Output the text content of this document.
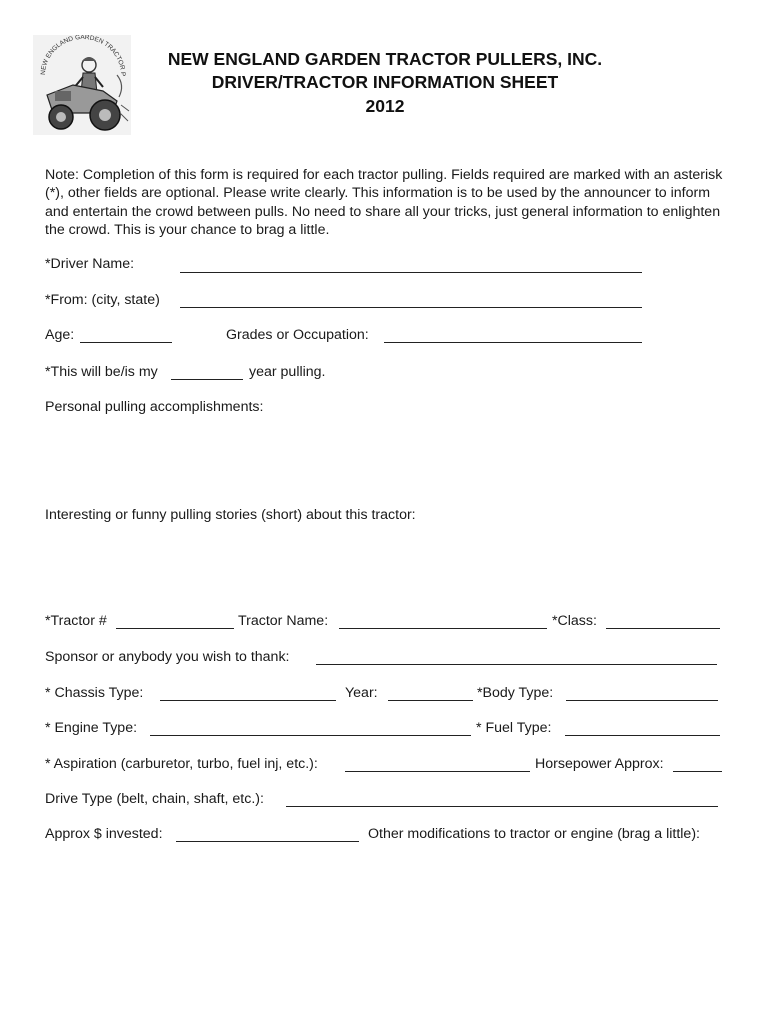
NEW ENGLAND GARDEN TRACTOR P
NEW ENGLAND GARDEN TRACTOR PULLERS, INC.
DRIVER/TRACTOR INFORMATION SHEET
2012
Note: Completion of this form is required for each tractor pulling. Fields required are marked with an asterisk (*), other fields are optional. Please write clearly. This information is to be used by the announcer to inform and entertain the crowd between pulls. No need to share all your tricks, just general information to enlighten the crowd. This is your chance to brag a little.
*Driver Name:
*From: (city, state)
Age:	Grades or Occupation:
*This will be/is my	year pulling.
Personal pulling accomplishments:
Interesting or funny pulling stories (short) about this tractor:
*Tractor #	Tractor Name:	*Class:
Sponsor or anybody you wish to thank:
* Chassis Type:	Year:	*Body Type:
* Engine Type:	* Fuel Type:
* Aspiration (carburetor, turbo, fuel inj, etc.):	Horsepower Approx:
Drive Type (belt, chain, shaft, etc.):
Approx $ invested:	Other modifications to tractor or engine (brag a little):
